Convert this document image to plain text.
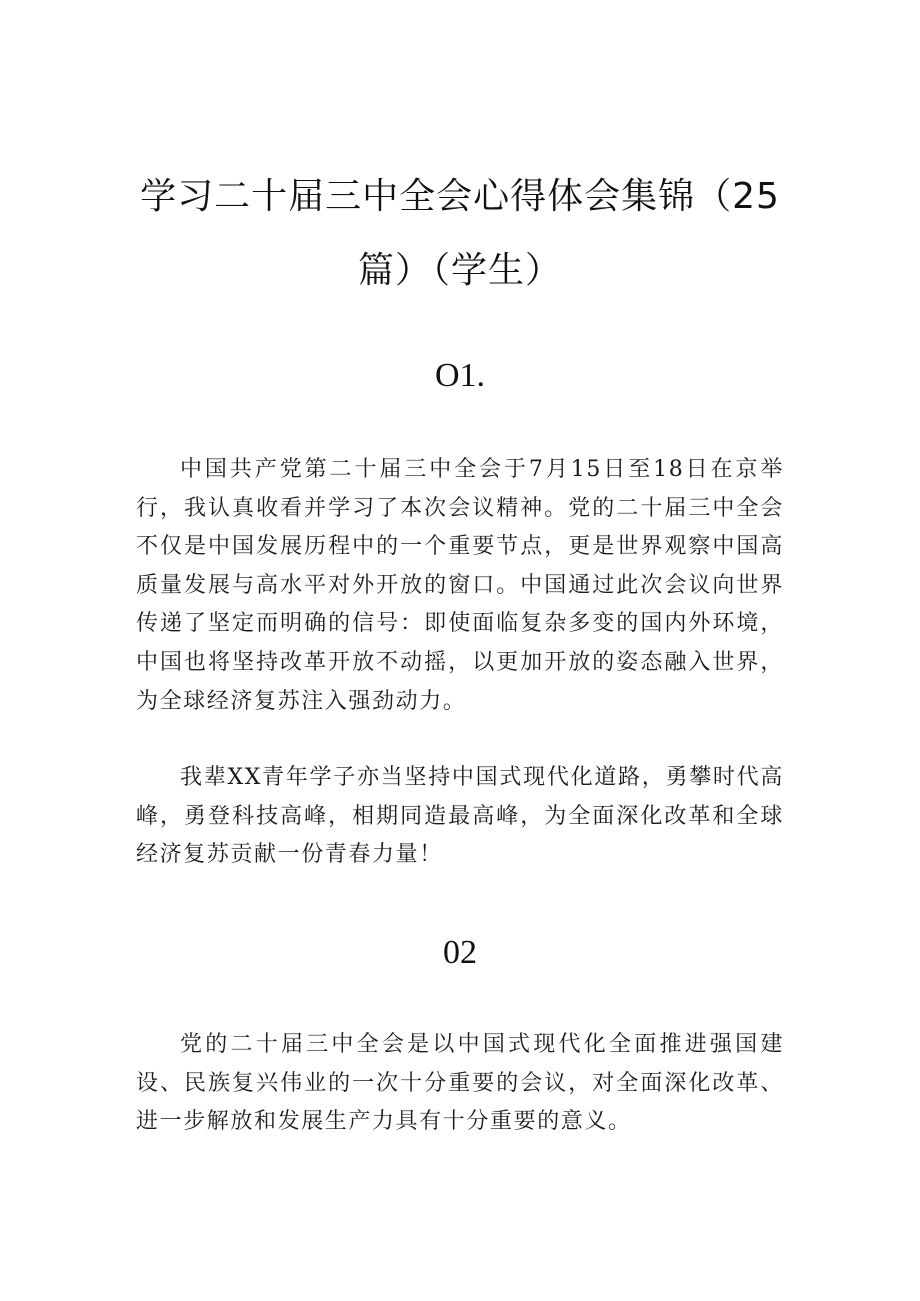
学习二十届三中全会心得体会集锦（25
篇）（学生）
O1.

中国共产党第二十届三中全会于7月15日至18日在京举行，我认真收看并学习了本次会议精神。党的二十届三中全会不仅是中国发展历程中的一个重要节点，更是世界观察中国高质量发展与高水平对外开放的窗口。中国通过此次会议向世界传递了坚定而明确的信号：即使面临复杂多变的国内外环境，中国也将坚持改革开放不动摇，以更加开放的姿态融入世界，为全球经济复苏注入强劲动力。

我辈XX青年学子亦当坚持中国式现代化道路，勇攀时代高峰，勇登科技高峰，相期同造最高峰，为全面深化改革和全球经济复苏贡献一份青春力量！

02

党的二十届三中全会是以中国式现代化全面推进强国建设、民族复兴伟业的一次十分重要的会议，对全面深化改革、进一步解放和发展生产力具有十分重要的意义。
